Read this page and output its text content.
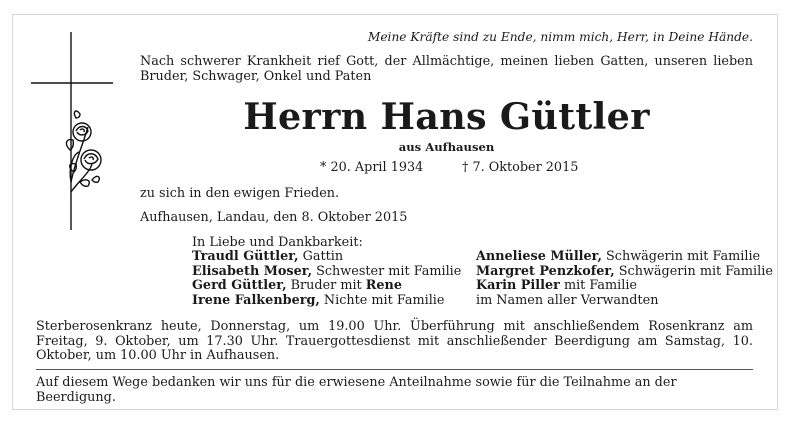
Meine Kräfte sind zu Ende, nimm mich, Herr, in Deine Hände.
Nach schwerer Krankheit rief Gott, der Allmächtige, meinen lieben Gatten, unseren lieben Bruder, Schwager, Onkel und Paten
Herrn Hans Güttler
aus Aufhausen
* 20. April 1934	† 7. Oktober 2015
zu sich in den ewigen Frieden.
Aufhausen, Landau, den 8. Oktober 2015
In Liebe und Dankbarkeit:
Traudl Güttler, Gattin
Elisabeth Moser, Schwester mit Familie
Gerd Güttler, Bruder mit Rene
Irene Falkenberg, Nichte mit Familie
Anneliese Müller, Schwägerin mit Familie
Margret Penzkofer, Schwägerin mit Familie
Karin Piller mit Familie
im Namen aller Verwandten
Sterberosenkranz heute, Donnerstag, um 19.00 Uhr. Überführung mit anschließendem Rosenkranz am Freitag, 9. Oktober, um 17.30 Uhr. Trauergottesdienst mit anschließender Beerdigung am Samstag, 10. Oktober, um 10.00 Uhr in Aufhausen.
Auf diesem Wege bedanken wir uns für die erwiesene Anteilnahme sowie für die Teilnahme an der Beerdigung.
